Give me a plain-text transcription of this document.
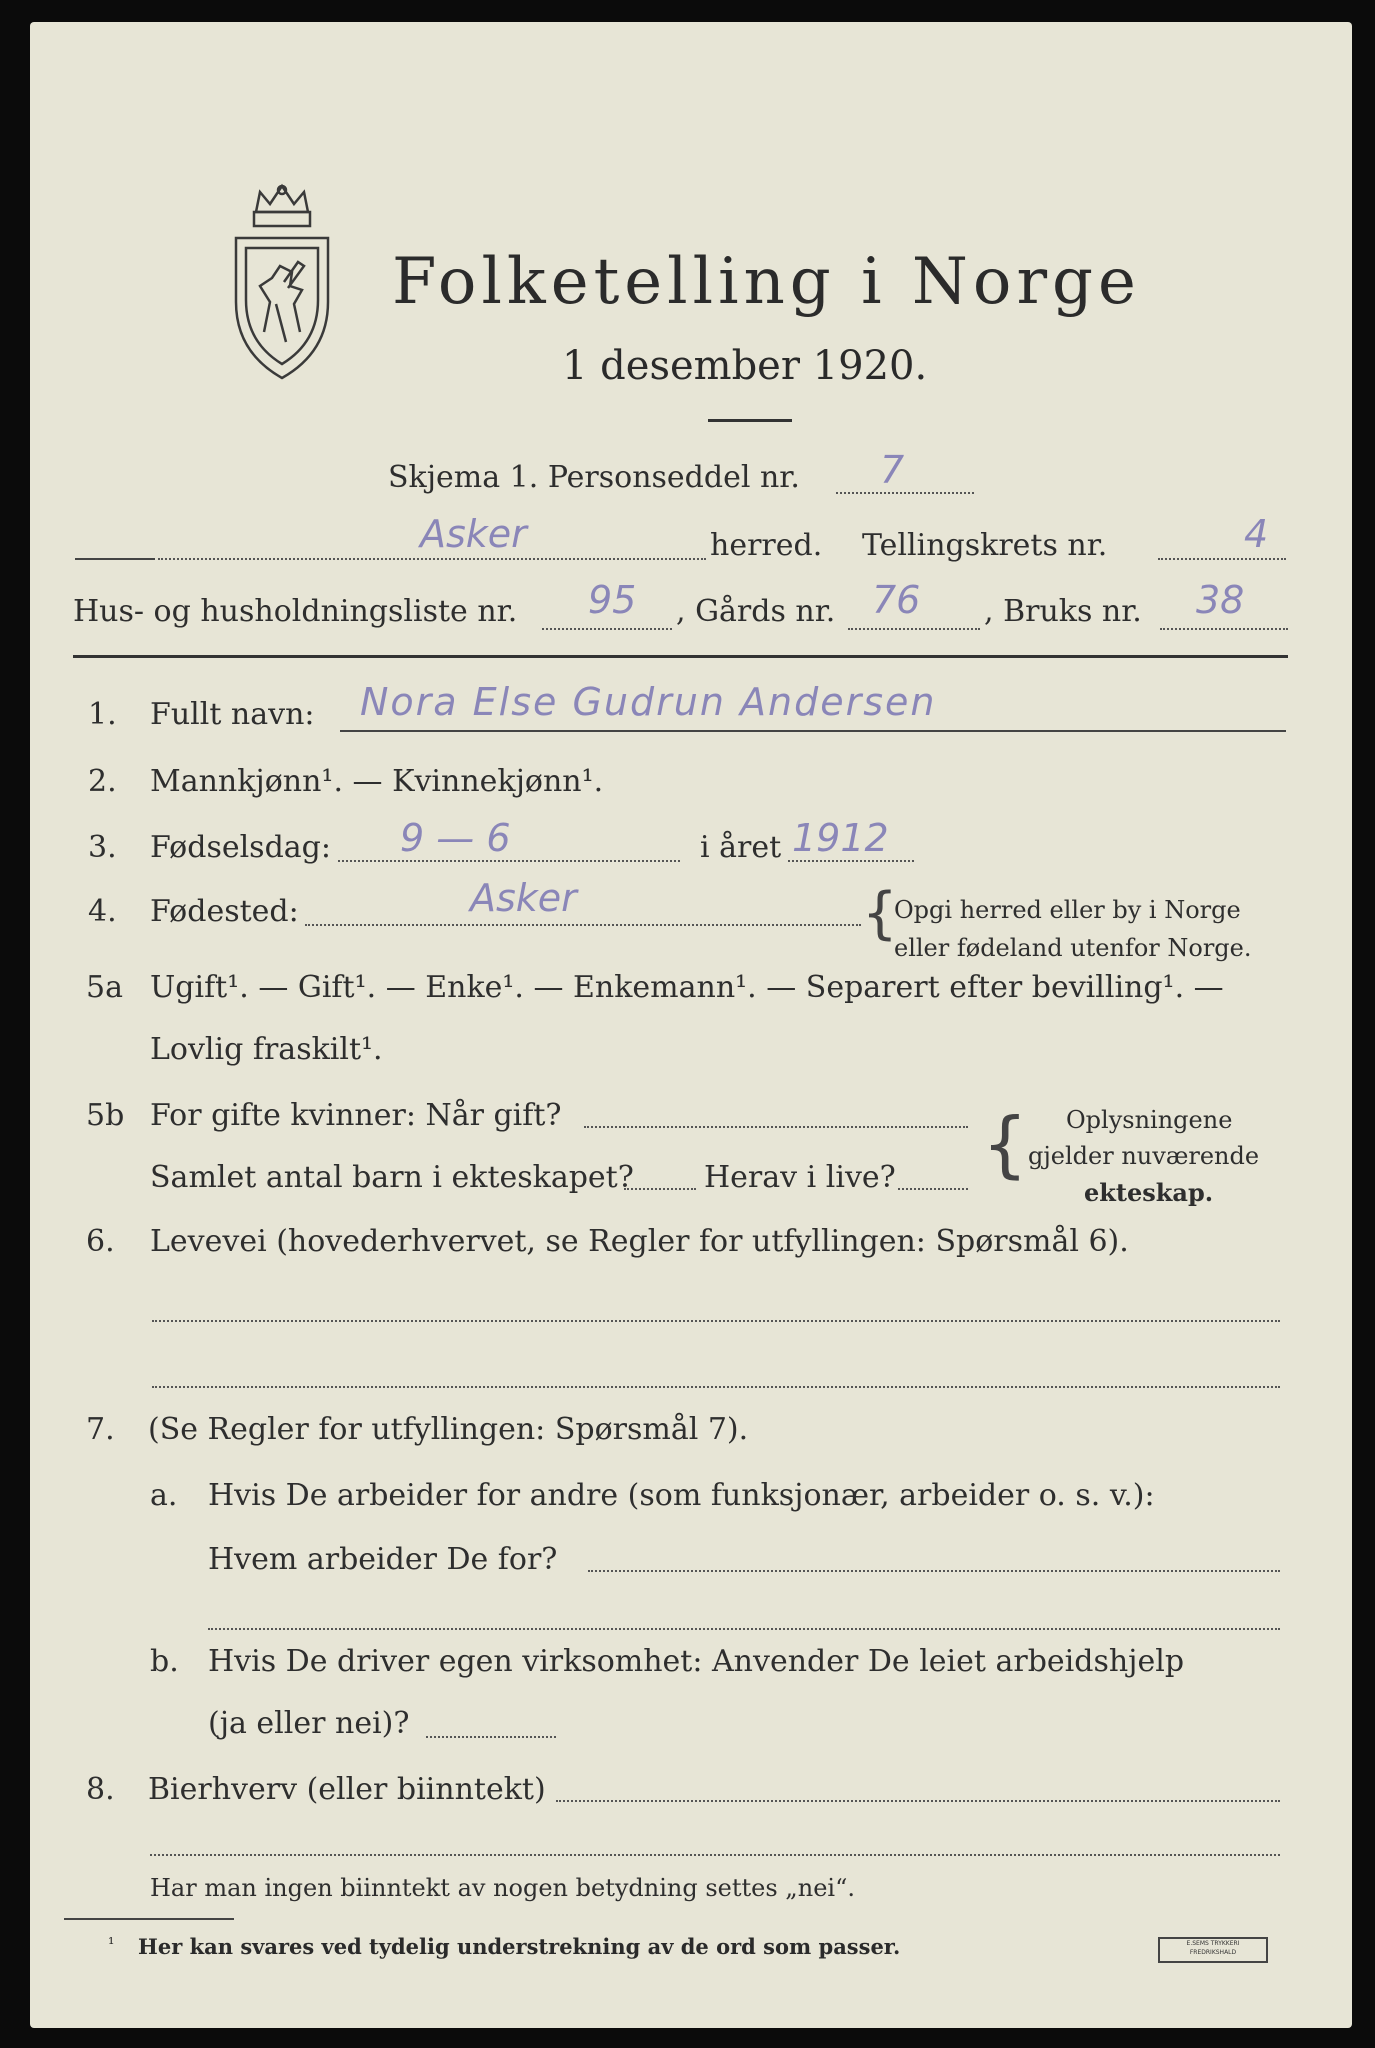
Folketelling i Norge
1 desember 1920.
Skjema 1. Personseddel nr. 7
Asker	herred. Tellingskrets nr.	4
Hus- og husholdningsliste nr. 95 , Gårds nr. 76 , Bruks nr. 38
1. Fullt navn: Nora Else Gudrun Andersen
2. Mannkjønn¹. — Kvinnekjønn¹.
3. Fødselsdag: 9 — 6	i året 1912
4. Fødested:	Asker	{
Opgi herred eller by i Norge
eller fødeland utenfor Norge.
5a Ugift¹. — Gift¹. — Enke¹. — Enkemann¹. — Separert efter bevilling¹. —
Lovlig fraskilt¹.
5b For gifte kvinner: Når gift?
Samlet antal barn i ekteskapet? Herav i live? { Oplysningene
gjelder nuværende
ekteskap.
6. Levevei (hovederhvervet, se Regler for utfyllingen: Spørsmål 6).
7. (Se Regler for utfyllingen: Spørsmål 7).
a. Hvis De arbeider for andre (som funksjonær, arbeider o. s. v.):
Hvem arbeider De for?
b. Hvis De driver egen virksomhet: Anvender De leiet arbeidshjelp
(ja eller nei)?
8. Bierhverv (eller biinntekt)
Har man ingen biinntekt av nogen betydning settes „nei“.
¹ Her kan svares ved tydelig understrekning av de ord som passer.	E.SEMS TRYKKERI
FREDRIKSHALD
